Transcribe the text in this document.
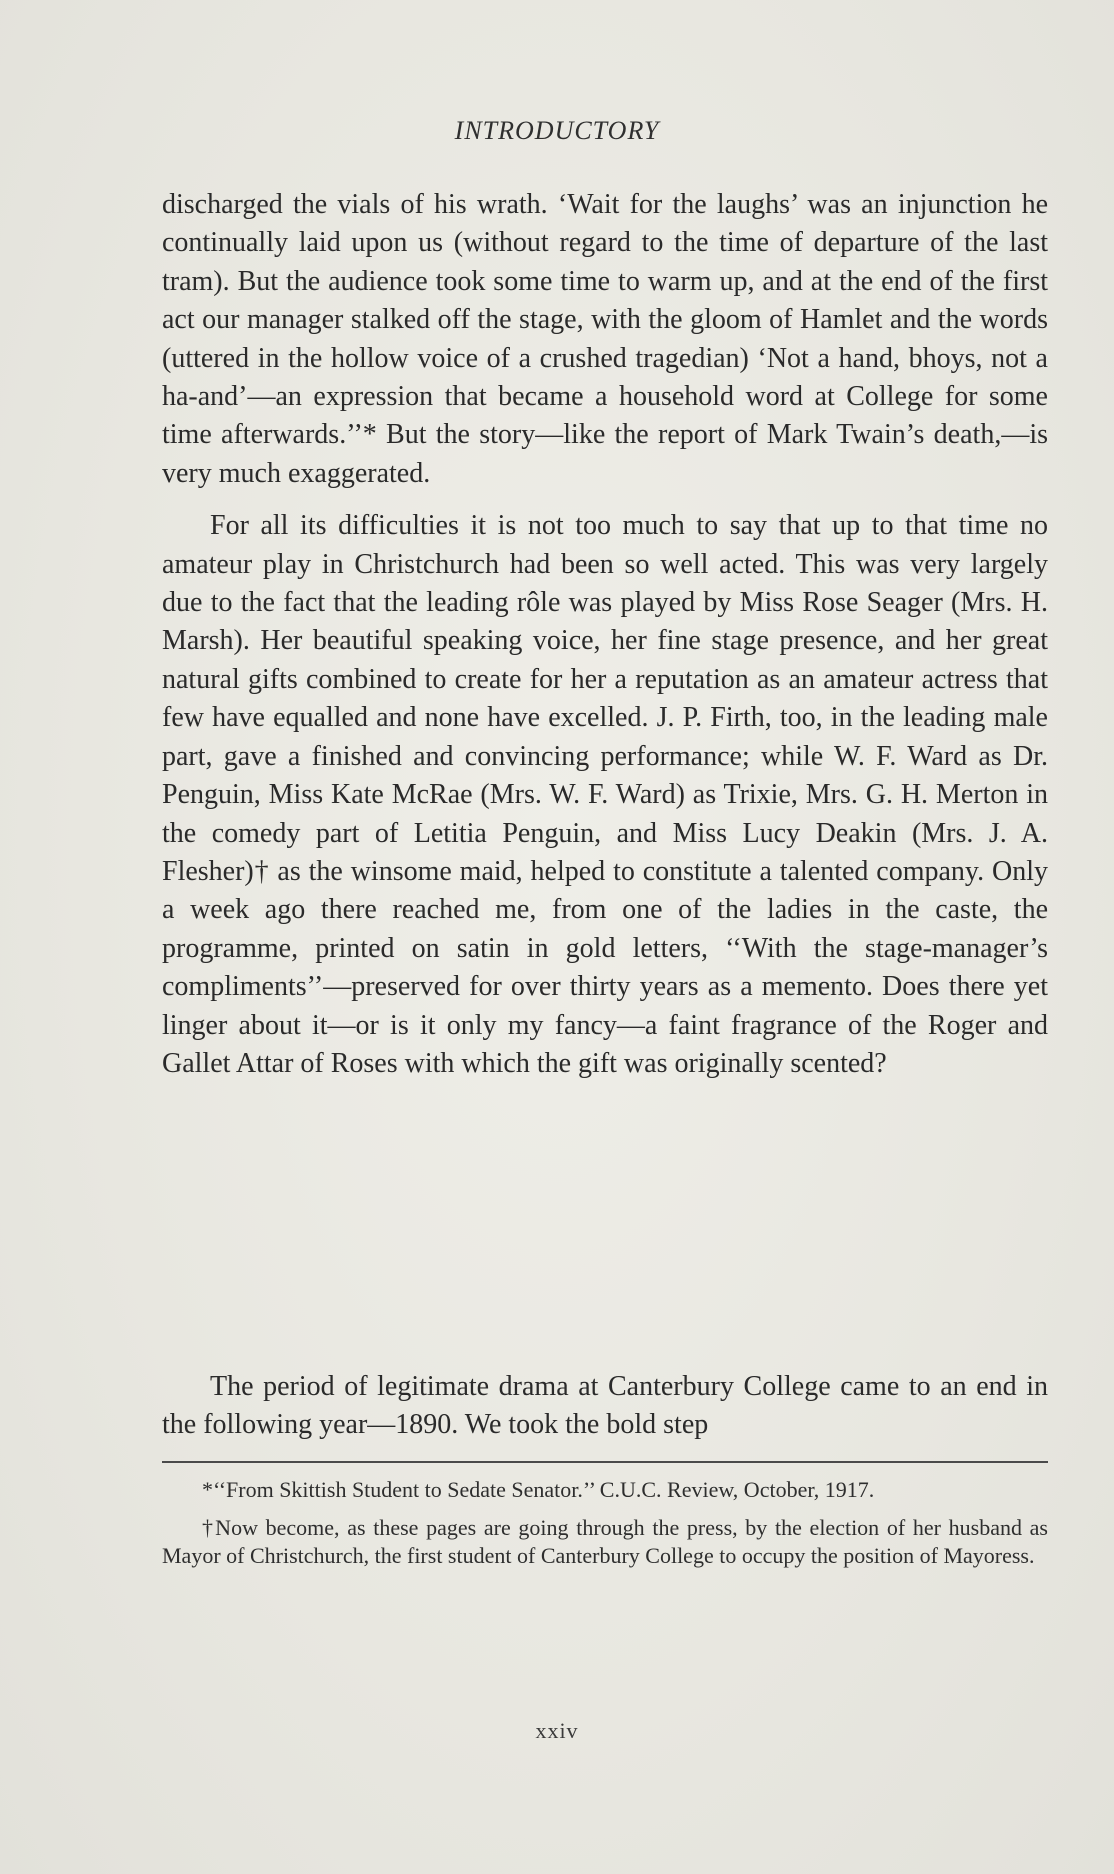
INTRODUCTORY

discharged the vials of his wrath. ‘Wait for the laughs’ was an injunction he continually laid upon us (without regard to the time of departure of the last tram). But the audience took some time to warm up, and at the end of the first act our manager stalked off the stage, with the gloom of Hamlet and the words (uttered in the hollow voice of a crushed tragedian) ‘Not a hand, bhoys, not a ha-and’—an expression that became a household word at College for some time afterwards.’’* But the story—like the report of Mark Twain’s death,—is very much exaggerated.

For all its difficulties it is not too much to say that up to that time no amateur play in Christchurch had been so well acted. This was very largely due to the fact that the leading rôle was played by Miss Rose Seager (Mrs. H. Marsh). Her beautiful speaking voice, her fine stage presence, and her great natural gifts combined to create for her a reputation as an amateur actress that few have equalled and none have excelled. J. P. Firth, too, in the leading male part, gave a finished and convincing performance; while W. F. Ward as Dr. Penguin, Miss Kate McRae (Mrs. W. F. Ward) as Trixie, Mrs. G. H. Merton in the comedy part of Letitia Penguin, and Miss Lucy Deakin (Mrs. J. A. Flesher)† as the winsome maid, helped to constitute a talented company. Only a week ago there reached me, from one of the ladies in the caste, the programme, printed on satin in gold letters, ‘‘With the stage-manager’s compliments’’—preserved for over thirty years as a memento. Does there yet linger about it—or is it only my fancy—a faint fragrance of the Roger and Gallet Attar of Roses with which the gift was originally scented?

The period of legitimate drama at Canterbury College came to an end in the following year—1890. We took the bold step

*‘‘From Skittish Student to Sedate Senator.’’ C.U.C. Review, October, 1917.

†Now become, as these pages are going through the press, by the election of her husband as Mayor of Christchurch, the first student of Canterbury College to occupy the position of Mayoress.

xxiv
